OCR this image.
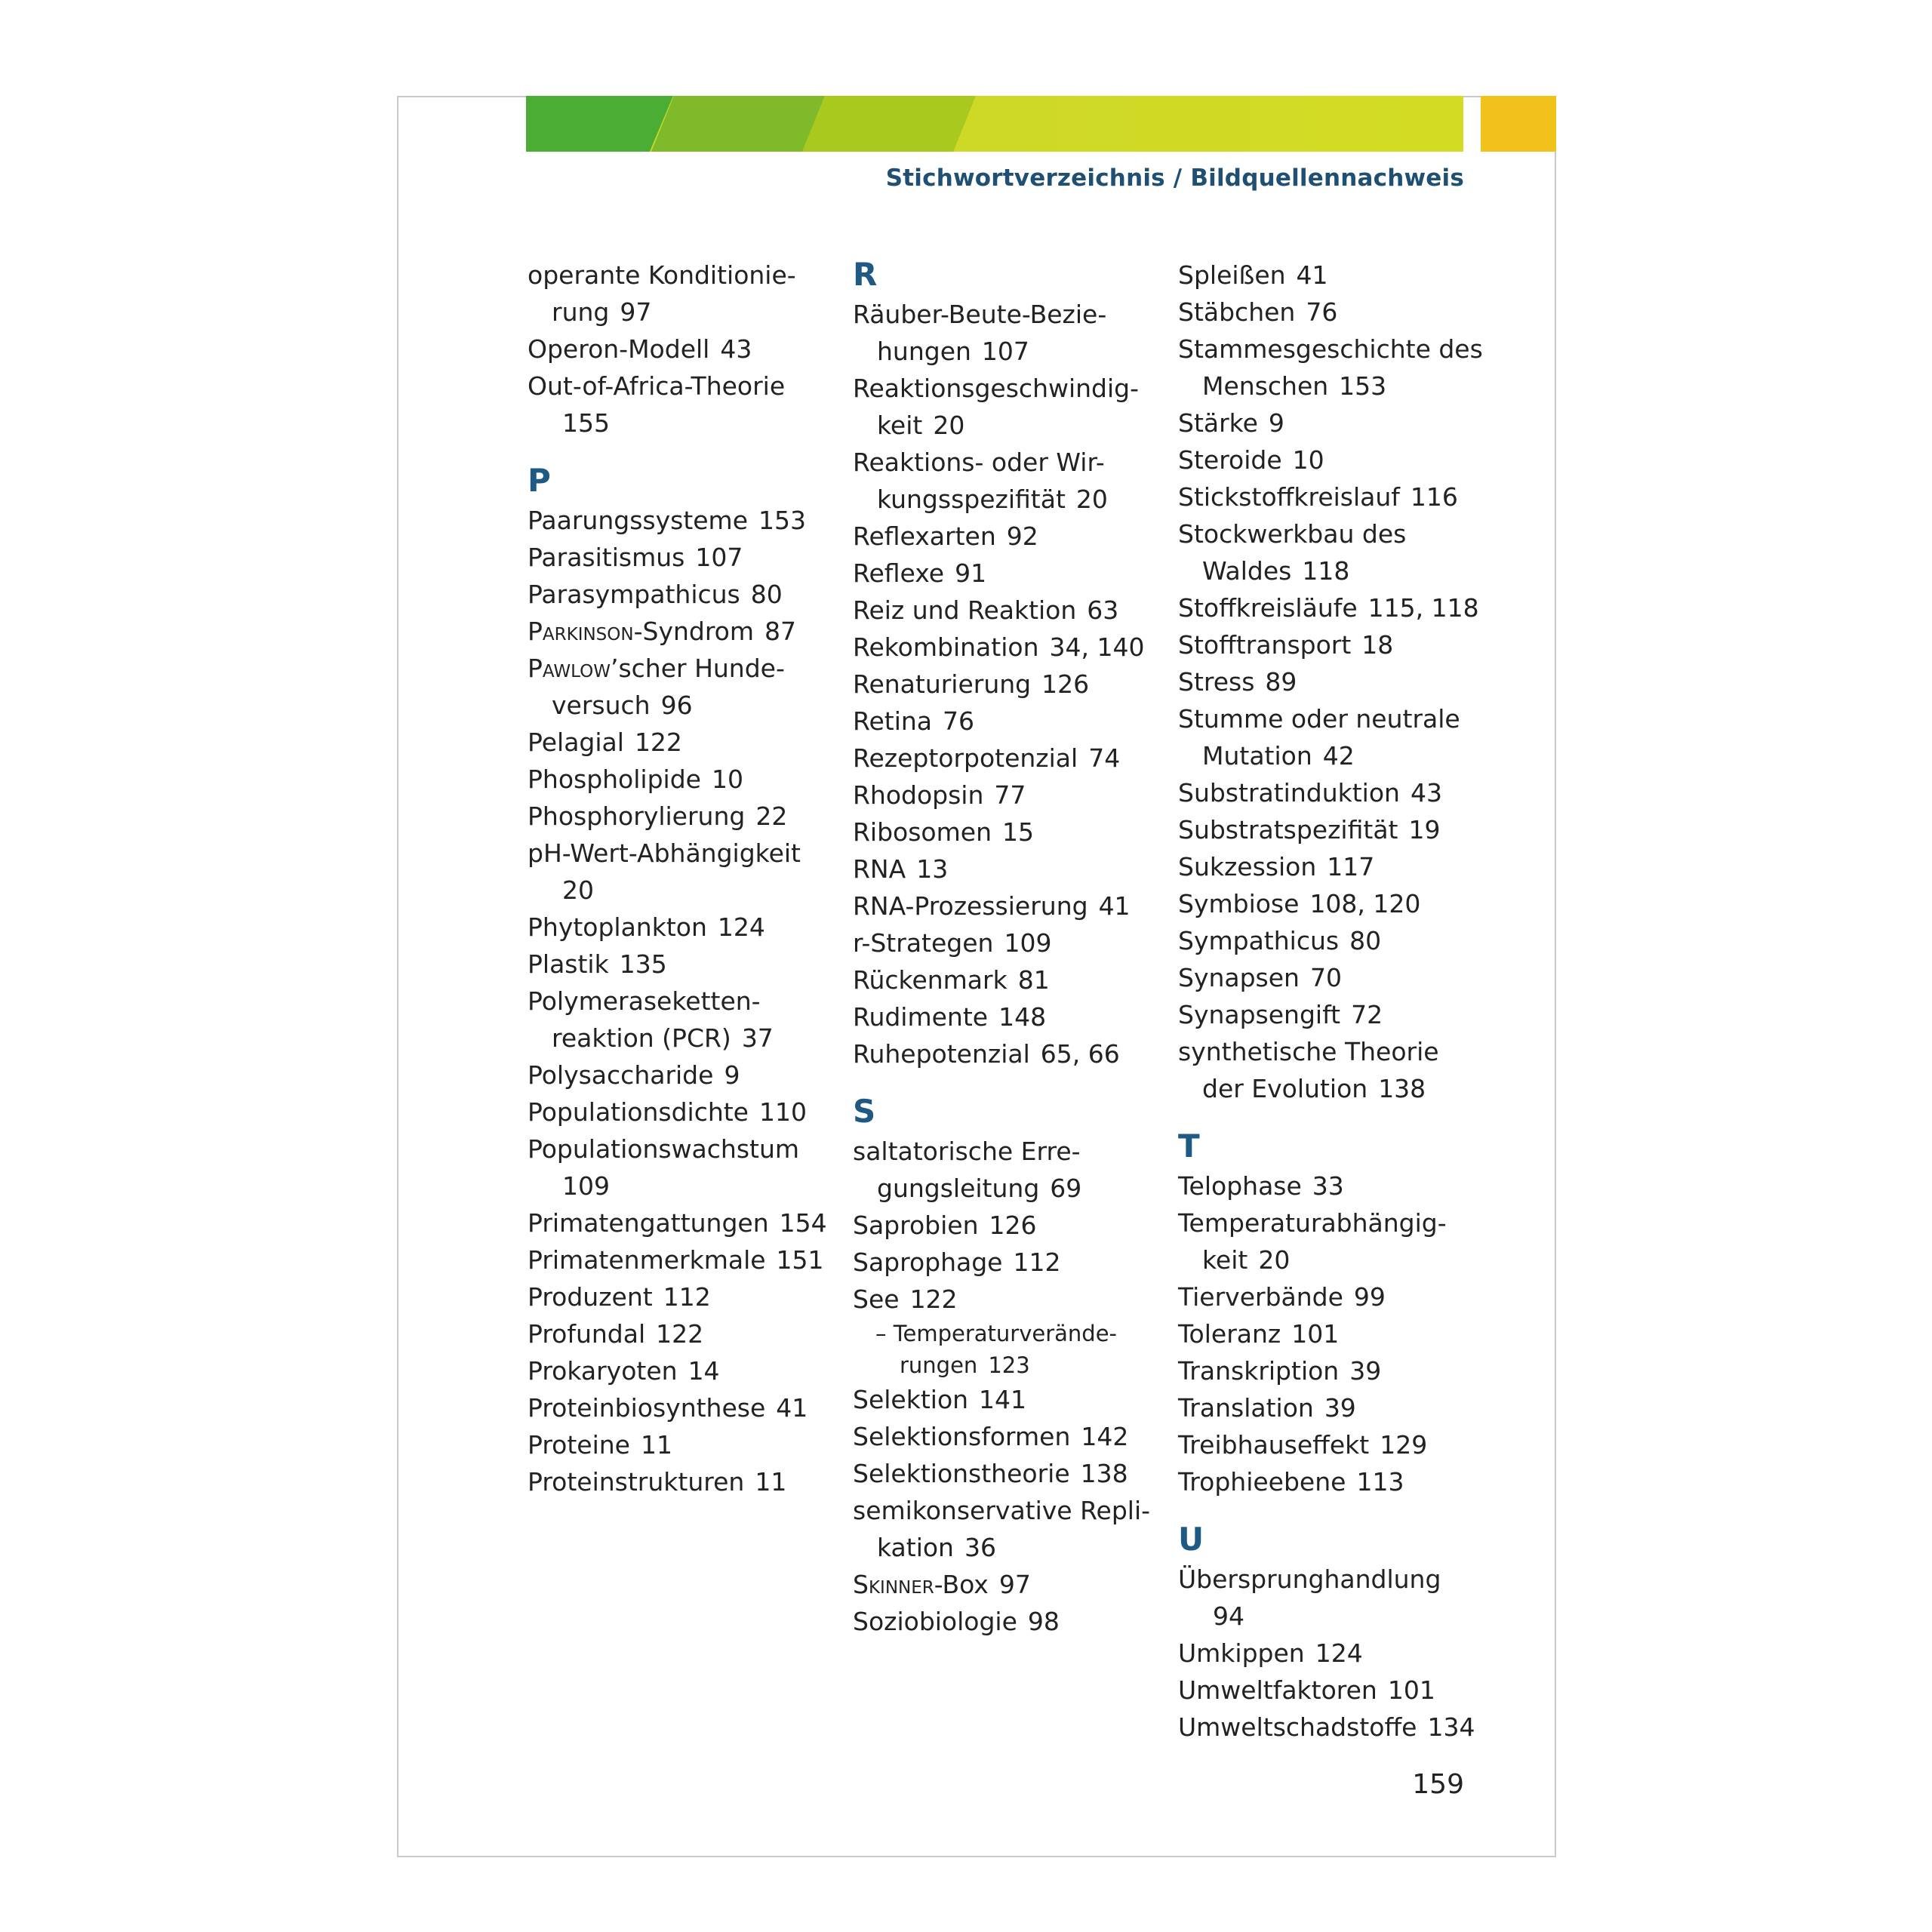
Stichwortverzeichnis / Bildquellennachweis
operante Konditionie-
rung 97
Operon-Modell 43
Out-of-Africa-Theorie
155
P
Paarungssysteme 153
Parasitismus 107
Parasympathicus 80
Parkinson-Syndrom 87
Pawlow’scher Hunde-
versuch 96
Pelagial 122
Phospholipide 10
Phosphorylierung 22
pH-Wert-Abhängigkeit
20
Phytoplankton 124
Plastik 135
Polymeraseketten-
reaktion (PCR) 37
Polysaccharide 9
Populationsdichte 110
Populationswachstum
109
Primatengattungen 154
Primatenmerkmale 151
Produzent 112
Profundal 122
Prokaryoten 14
Proteinbiosynthese 41
Proteine 11
Proteinstrukturen 11
R
Räuber-Beute-Bezie-
hungen 107
Reaktionsgeschwindig-
keit 20
Reaktions- oder Wir-
kungsspezifität 20
Reflexarten 92
Reflexe 91
Reiz und Reaktion 63
Rekombination 34, 140
Renaturierung 126
Retina 76
Rezeptorpotenzial 74
Rhodopsin 77
Ribosomen 15
RNA 13
RNA-Prozessierung 41
r-Strategen 109
Rückenmark 81
Rudimente 148
Ruhepotenzial 65, 66
S
saltatorische Erre-
gungsleitung 69
Saprobien 126
Saprophage 112
See 122
– Temperaturverände-
rungen 123
Selektion 141
Selektionsformen 142
Selektionstheorie 138
semikonservative Repli-
kation 36
Skinner-Box 97
Soziobiologie 98
Spleißen 41
Stäbchen 76
Stammesgeschichte des
Menschen 153
Stärke 9
Steroide 10
Stickstoffkreislauf 116
Stockwerkbau des
Waldes 118
Stoffkreisläufe 115, 118
Stofftransport 18
Stress 89
Stumme oder neutrale
Mutation 42
Substratinduktion 43
Substratspezifität 19
Sukzession 117
Symbiose 108, 120
Sympathicus 80
Synapsen 70
Synapsengift 72
synthetische Theorie
der Evolution 138
T
Telophase 33
Temperaturabhängig-
keit 20
Tierverbände 99
Toleranz 101
Transkription 39
Translation 39
Treibhauseffekt 129
Trophieebene 113
U
Übersprunghandlung
94
Umkippen 124
Umweltfaktoren 101
Umweltschadstoffe 134
159
